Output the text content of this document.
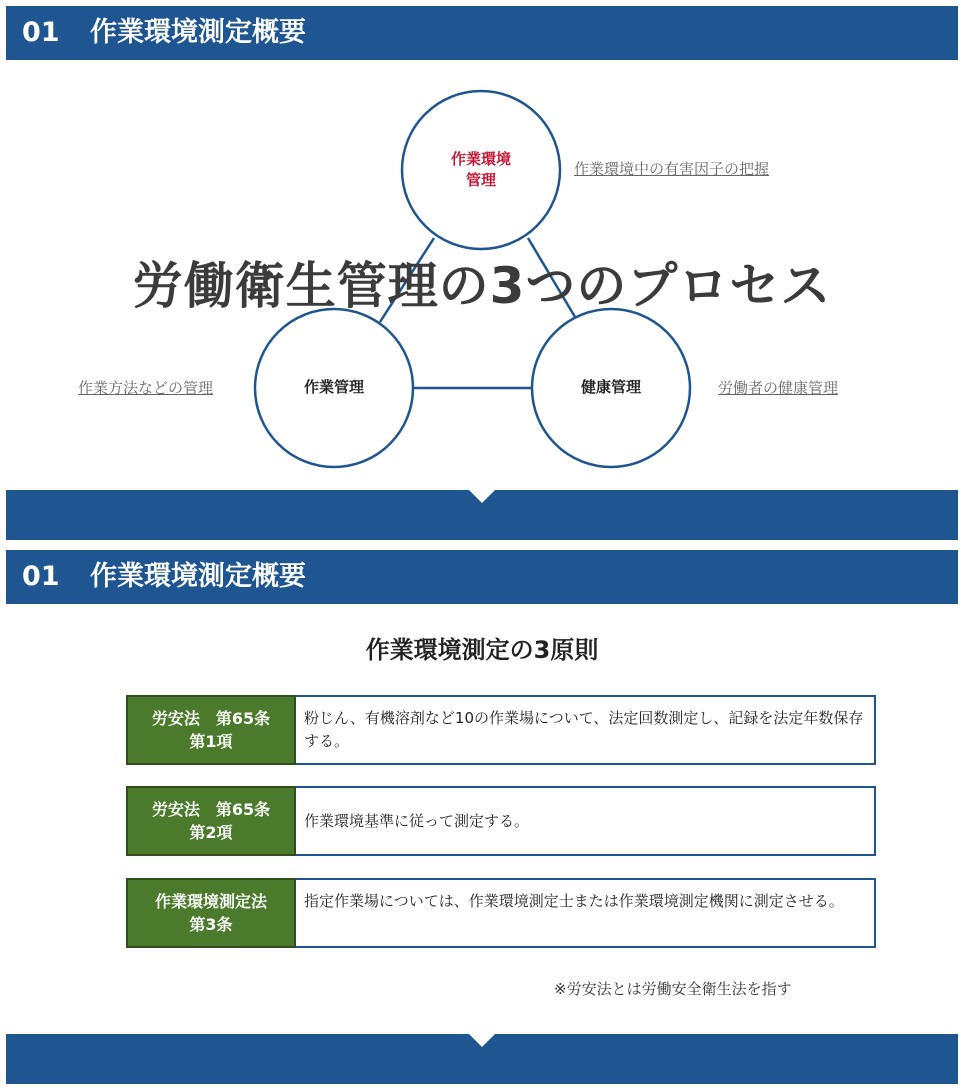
01 作業環境測定概要
作業環境
管理
作業管理	健康管理
作業環境中の有害因子の把握
作業方法などの管理	労働者の健康管理
労働衛生管理の3つのプロセス
01 作業環境測定概要
作業環境測定の3原則
労安法　第65条
第1項
粉じん、有機溶剤など10の作業場について、法定回数測定し、記録を法定年数保存する。
労安法　第65条
第2項
作業環境基準に従って測定する。
作業環境測定法
第3条
指定作業場については、作業環境測定士または作業環境測定機関に測定させる。
※労安法とは労働安全衛生法を指す
